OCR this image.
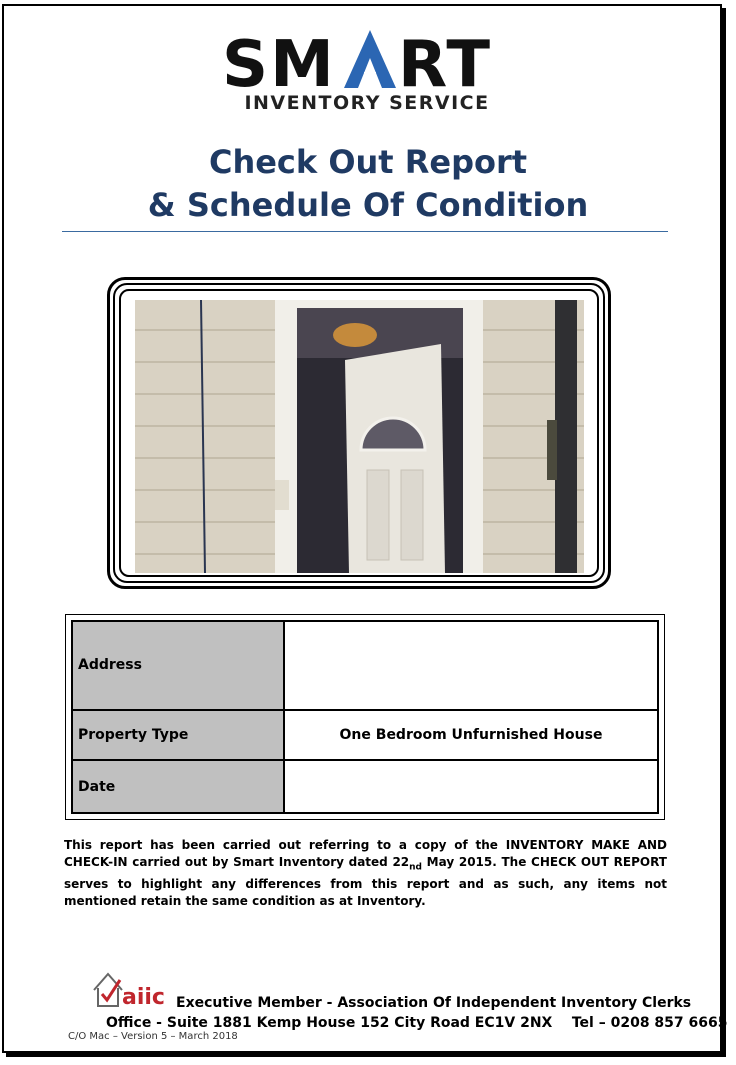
SM RT
INVENTORY SERVICE
Check Out Report
& Schedule Of Condition
Address	
Property Type	One Bedroom Unfurnished House
Date	
This report has been carried out referring to a copy of the INVENTORY MAKE AND CHECK-IN carried out by Smart Inventory dated $22_{nd}$ May 2015. The CHECK OUT REPORT serves to highlight any differences from this report and as such, any items not mentioned retain the same condition as at Inventory.
aiic Executive Member - Association Of Independent Inventory Clerks
Office - Suite 1881 Kemp House 152 City Road EC1V 2NX Tel – 0208 857 6665
C/O Mac – Version 5 – March 2018
